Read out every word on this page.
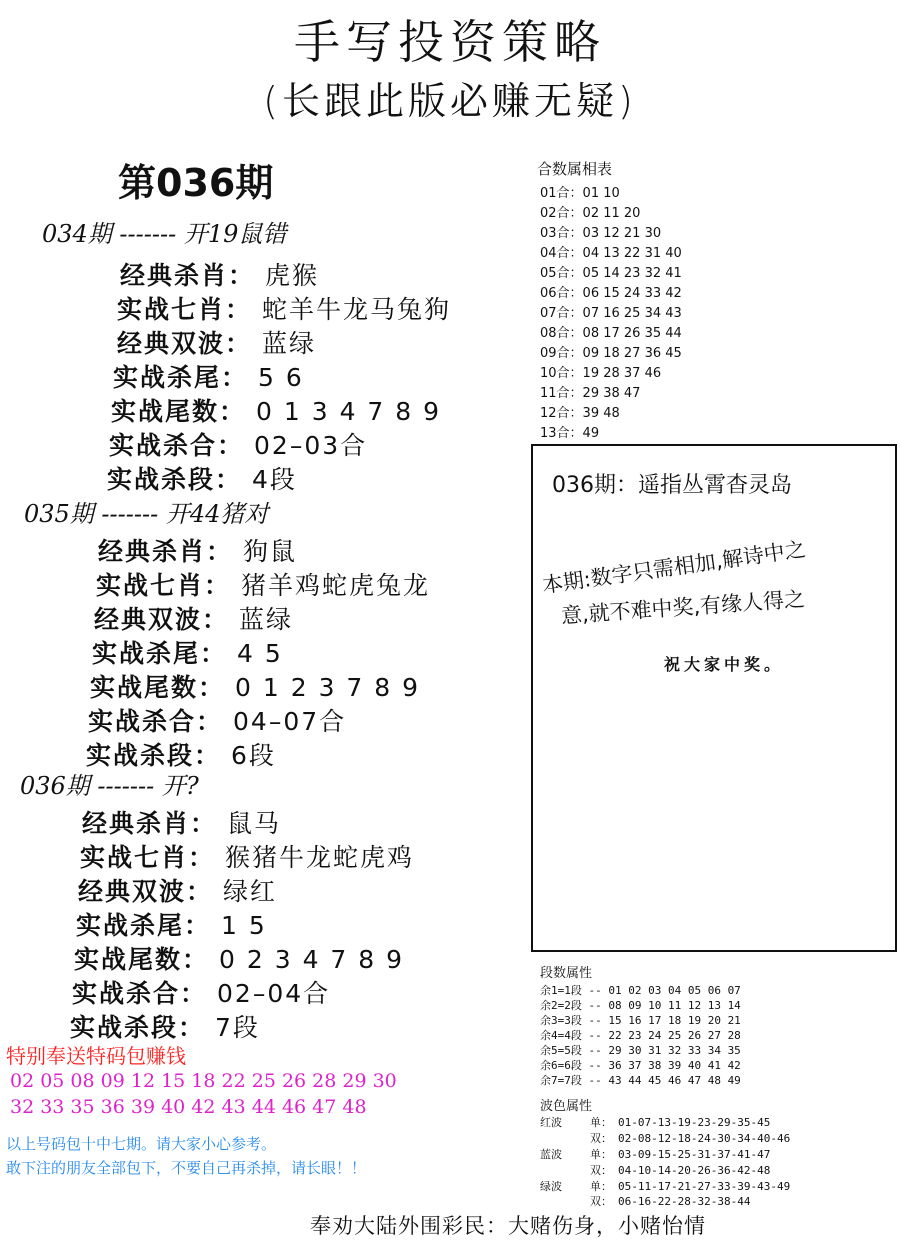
手写投资策略
(长跟此版必赚无疑)
第036期
034期 ------- 开19鼠错
经典杀肖： 虎猴
实战七肖： 蛇羊牛龙马兔狗
经典双波： 蓝绿
实战杀尾： 5 6
实战尾数： 0 1 3 4 7 8 9
实战杀合： 02–03合
实战杀段： 4段
035期 ------- 开44猪对
经典杀肖： 狗鼠
实战七肖： 猪羊鸡蛇虎兔龙
经典双波： 蓝绿
实战杀尾： 4 5
实战尾数： 0 1 2 3 7 8 9
实战杀合： 04–07合
实战杀段： 6段
036期 ------- 开?
经典杀肖： 鼠马
实战七肖： 猴猪牛龙蛇虎鸡
经典双波： 绿红
实战杀尾： 1 5
实战尾数： 0 2 3 4 7 8 9
实战杀合： 02–04合
实战杀段： 7段
合数属相表
01合：01 10
02合：02 11 20
03合：03 12 21 30
04合：04 13 22 31 40
05合：05 14 23 32 41
06合：06 15 24 33 42
07合：07 16 25 34 43
08合：08 17 26 35 44
09合：09 18 27 36 45
10合：19 28 37 46
11合：29 38 47
12合：39 48
13合：49
036期：遥指丛霄杳灵岛
本期:数字只需相加,解诗中之
意,就不难中奖,有缘人得之
祝大家中奖。
段数属性
余1=1段 -- 01 02 03 04 05 06 07
余2=2段 -- 08 09 10 11 12 13 14
余3=3段 -- 15 16 17 18 19 20 21
余4=4段 -- 22 23 24 25 26 27 28
余5=5段 -- 29 30 31 32 33 34 35
余6=6段 -- 36 37 38 39 40 41 42
余7=7段 -- 43 44 45 46 47 48 49
波色属性
红波	单： 01-07-13-19-23-29-35-45
双： 02-08-12-18-24-30-34-40-46
蓝波	单： 03-09-15-25-31-37-41-47
双： 04-10-14-20-26-36-42-48
绿波	单： 05-11-17-21-27-33-39-43-49
双： 06-16-22-28-32-38-44
特别奉送特码包赚钱
02 05 08 09 12 15 18 22 25 26 28 29 30
32 33 35 36 39 40 42 43 44 46 47 48
以上号码包十中七期。请大家小心参考。
敢下注的朋友全部包下，不要自己再杀掉，请长眼！！
奉劝大陆外围彩民：大赌伤身，小赌怡情
